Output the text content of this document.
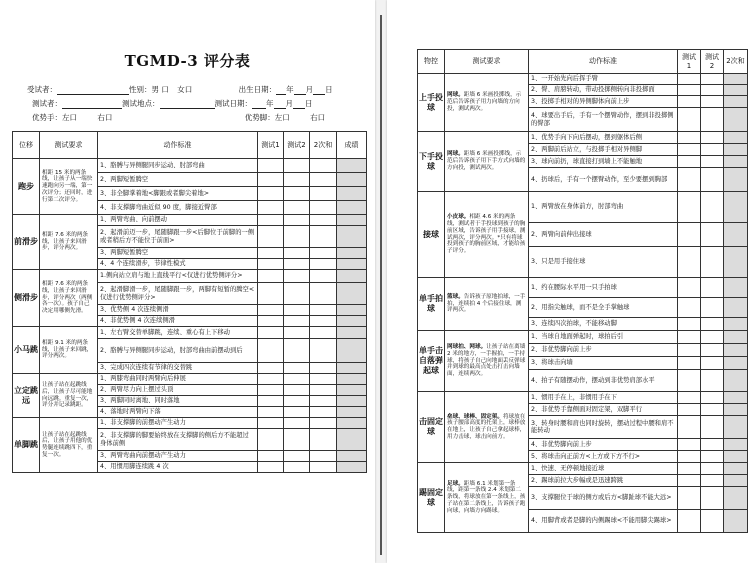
TGMD-3 评分表
受试者：	性别：男 口 女口	出生日期： 年 月 日
测试者：	测试地点：	测试日期： 年 月 日
优势手：左口	右口	优势脚：左口	右口
位移	测试要求	动作标准	测试1	测试2	2次和	成绩
跑步	相距 15 米的两条线，让孩子从一端快速跑向另一端，第一次评分；还回时，进行第二次评分。	1、胳膊与异侧腿同步运动、肘部弯曲				
		2、两脚短暂腾空				
		3、非全脚掌着地<脚跟或者脚尖着地>				
		4、非支撑脚弯曲近似 90 度，脚接近臀部				
前滑步	相距 7.6 米的两条线，让孩子来回滑步，评分两次。	1、两臂弯曲、向前摆动				
		2、起滑前迈一步，尾随脚跟一步<后脚位于前脚的一侧或者稍后方不能位于前面>				
		3、两脚短暂腾空				
		4、4 个连续滑步，节律性模式				
侧滑步	相距 7.6 米的两条线，让孩子来回滑步，评分两次（两侧各一次）。孩子自己决定用哪侧先滑。	1.侧向站立肩与地上直线平行<仅进行优势侧评分>				
		2、起滑脚滑一步，尾随脚跟一步，两脚有短暂的腾空<仅进行优势侧评分>				
		3、优势侧 4 次连续侧滑				
		4、非优势侧 4 次连续侧滑				
小马跳	相距 9.1 米的两条线，让孩子来回跳，评分两次。	1、左右臂交替单脚跳，连续、重心有上下移动				
		2、胳膊与异侧腿同步运动，肘部弯曲由前摆动到后				
		3、完成四次连续有节律的交替跳				
立定跳远	让孩子站在起跳线后，让孩子尽可能地向远跳。重复一次，评分并记录跳距。	1、两膝弯曲同时两臂向后伸展				
		2、两臂尽力向上摆过头顶				
		3、两脚同时离地、同时落地				
		4、落地时两臂向下落				
单脚跳	让孩子站在起跳线后，让孩子用他的优势腿连续跳四下，重复一次。	1、非支撑脚的前摆动产生动力				
		2、非支撑脚的脚要始终放在支撑脚的侧后方不能超过身体前侧				
		3、两臂弯曲向前摆动产生动力				
		4、用惯用脚连续跳 4 次				
物控	测试要求	动作标准	测试1	测试2	2次和
上手投球	网球。距墙 6 米画投掷线，示范后告诉孩子用力向墙的方向投，测试两次。	1、一开始先向后挥手臂			
		2、臀、肩膀转动，带动投掷侧转向非投掷面			
		3、投掷手相对的异侧脚体向前上步			
		4、球要出手后，手有一个摆臂动作，摆到非投掷侧的臀部			
下手投球	网球。距墙 6 米画投掷线，示范后告诉孩子用下手方式向墙的方向投，测试两次。	1、优势手向下向后摆动，摆到躯体后侧			
		2、两脚前后站立，与投掷手相对异侧脚			
		3、球向前扔，球直接打到墙上不能触地			
		4、扔球后，手有一个摆臂动作，至少要摆到胸部			
接球	小皮球。相距 4.6 米的两条线，测试者于手投球到孩子的胸前区域，告诉孩子用手接球，测试两次，评分两次。*只有将球投到孩子的胸前区域，才能给孩子评分。	1、两臂放在身体前方，肘部弯曲			
		2、两臂向前伸出接球			
		3、只是用手接住球			
单手拍球	篮球。告诉孩子原地拍球，一手拍，连续拍 4 个后接住球，测评两次。	1、约在腰际水平用一只手拍球			
		2、用指尖触球，而不是全手掌触球			
		3、连续四次拍球，不能移动脚			
单手击自落弹起球	网球拍、网球。让孩子站在离墙 2 米的地方，一手握拍，一手持球，将孩子自己向地面丢反弹球并到球的最高点处击打击向墙面，连续两次。	1、当球自地面弹起时，球拍后引			
		2、非优势脚向前上步			
		3、将球击向墙			
		4、拍子有随摆动作，摆动到非优势肩部水平			
击固定球	垒球、球棒、固定架。将球放在孩子腰部高度的托架上，球棒放在地上，让孩子自己拿起球棒，用力击球，球击向前方。	1、惯用手在上，非惯用手在下			
		2、非优势手靠侧面对固定架，双脚平行			
		3、转身时腰和肩也同时旋转，摆动过程中腰和肩不能转动			
		4、非优势脚向前上步			
		5、将球击向正前方<上方或下方不行>			
踢固定球	足球。距墙 6.1 米划第一条线，距第一条线 2.4 米划第二条线，将球放在第一条线上，孩子站在第二条线上，告诉孩子跑向球，向墙方向踢球。	1、快速、无停顿地接近球			
		2、踢球前拉大步幅或是迅速跨跳			
		3、支撑腿位于球的侧方或后方<脚趾球不能大远>			
		4、用脚背或者是脚的内侧踢球<不能用脚尖踢球>			
